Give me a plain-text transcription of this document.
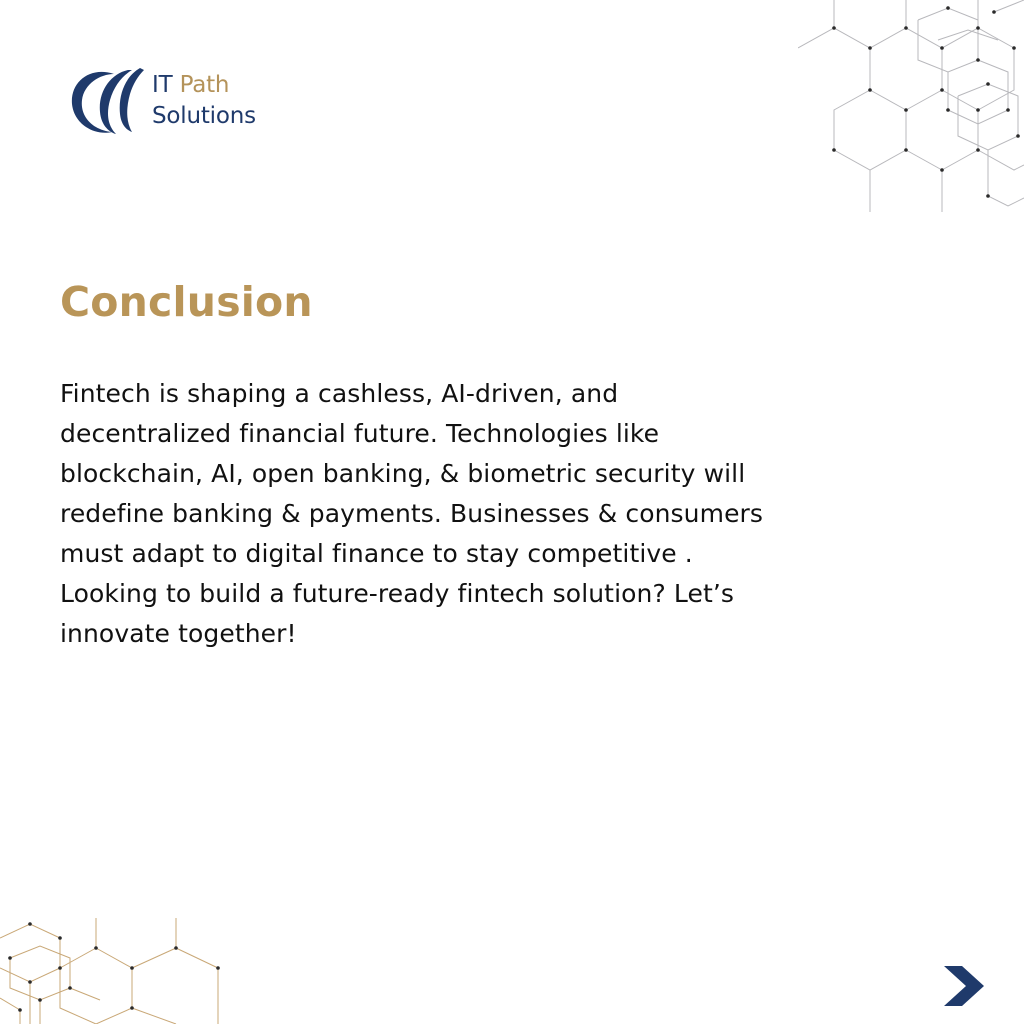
IT Path
Solutions
Conclusion

Fintech is shaping a cashless, AI-driven, and
decentralized financial future. Technologies like
blockchain, AI, open banking, & biometric security will
redefine banking & payments. Businesses & consumers
must adapt to digital finance to stay competitive .
Looking to build a future-ready fintech solution? Let’s
innovate together!
